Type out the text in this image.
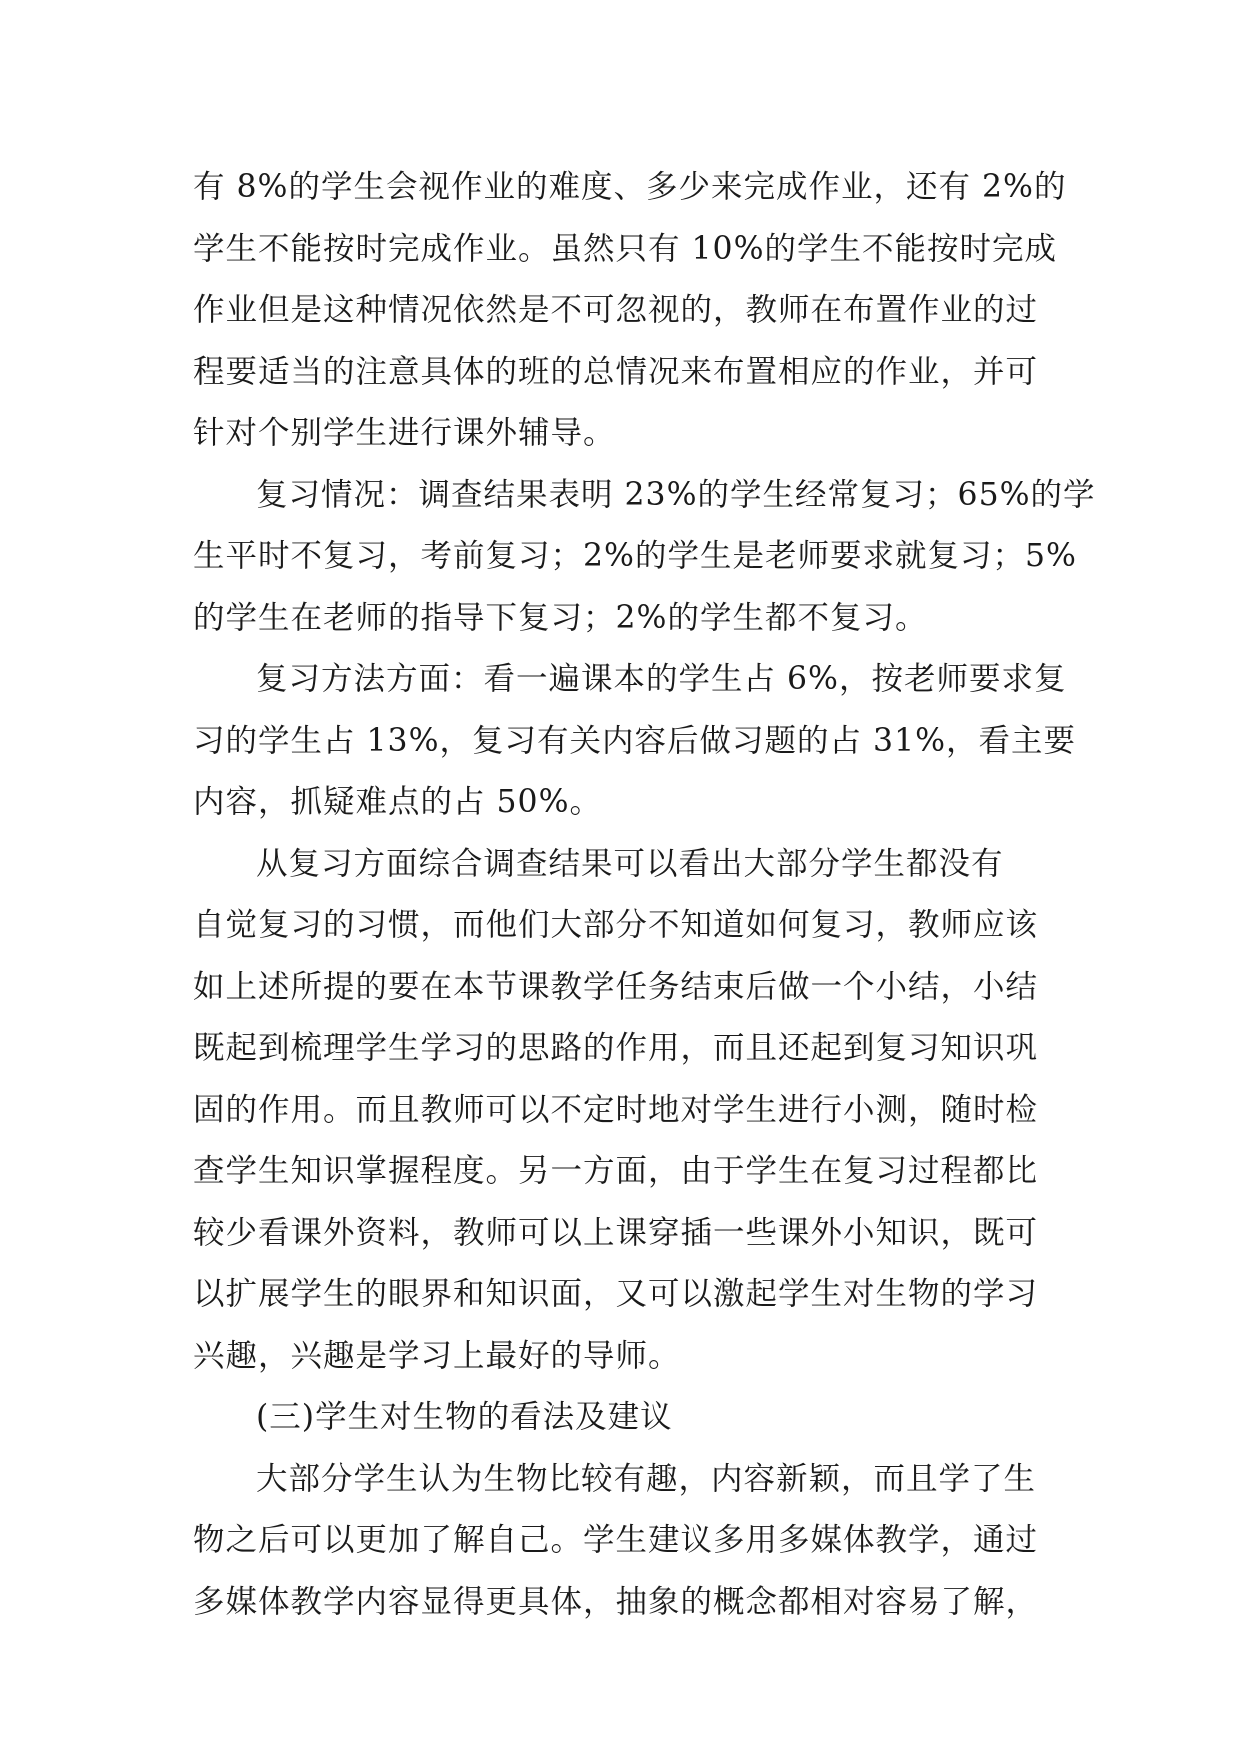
有 8%的学生会视作业的难度、多少来完成作业，还有 2%的
学生不能按时完成作业。虽然只有 10%的学生不能按时完成
作业但是这种情况依然是不可忽视的，教师在布置作业的过
程要适当的注意具体的班的总情况来布置相应的作业，并可
针对个别学生进行课外辅导。
复习情况：调查结果表明 23%的学生经常复习；65%的学
生平时不复习，考前复习；2%的学生是老师要求就复习；5%
的学生在老师的指导下复习；2%的学生都不复习。
复习方法方面：看一遍课本的学生占 6%，按老师要求复
习的学生占 13%，复习有关内容后做习题的占 31%，看主要
内容，抓疑难点的占 50%。
从复习方面综合调查结果可以看出大部分学生都没有
自觉复习的习惯，而他们大部分不知道如何复习，教师应该
如上述所提的要在本节课教学任务结束后做一个小结，小结
既起到梳理学生学习的思路的作用，而且还起到复习知识巩
固的作用。而且教师可以不定时地对学生进行小测，随时检
查学生知识掌握程度。另一方面，由于学生在复习过程都比
较少看课外资料，教师可以上课穿插一些课外小知识，既可
以扩展学生的眼界和知识面，又可以激起学生对生物的学习
兴趣，兴趣是学习上最好的导师。
(三)学生对生物的看法及建议
大部分学生认为生物比较有趣，内容新颖，而且学了生
物之后可以更加了解自己。学生建议多用多媒体教学，通过
多媒体教学内容显得更具体，抽象的概念都相对容易了解，
